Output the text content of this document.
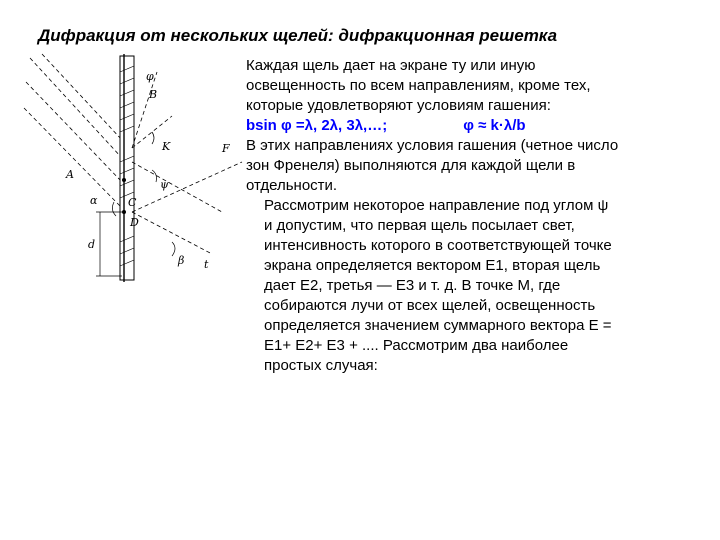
Дифракция от нескольких щелей: дифракционная решетка
A
B
C
D
F
K
t
d
α
β
φ
ψ
Каждая щель дает на экране ту или иную
освещенность по всем направлениям, кроме тех,
которые удовлетворяют условиям гашения:
bsin φ =λ, 2λ, 3λ,…;	φ ≈ k·λ/b
В этих направлениях условия гашения (четное число
зон Френеля) выполняются для каждой щели в
отдельности.
Рассмотрим некоторое направление под углом ψ
и допустим, что первая щель посылает свет,
интенсивность которого в соответствующей точке
экрана определяется вектором Е1, вторая щель
дает Е2, третья — Е3 и т. д. В точке М, где
собираются лучи от всех щелей, освещенность
определяется значением суммарного вектора Е =
Е1+ Е2+ Е3 + .... Рассмотрим два наиболее
простых случая:
